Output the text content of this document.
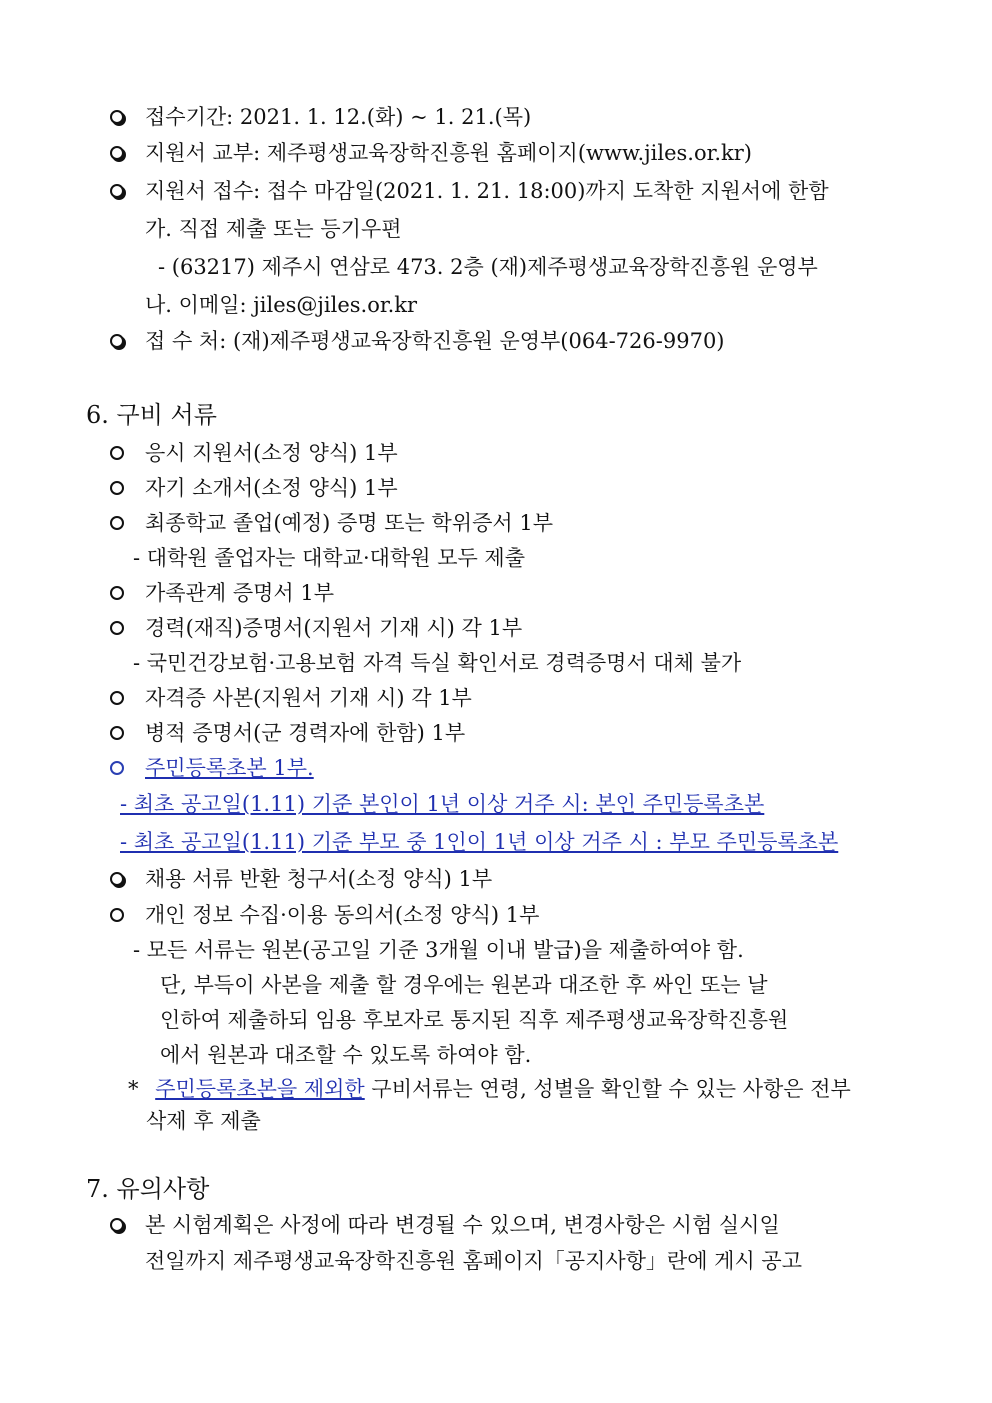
접수기간: 2021. 1. 12.(화) ~ 1. 21.(목)
지원서 교부: 제주평생교육장학진흥원 홈페이지(www.jiles.or.kr)
지원서 접수: 접수 마감일(2021. 1. 21. 18:00)까지 도착한 지원서에 한함
가. 직접 제출 또는 등기우편
- (63217) 제주시 연삼로 473. 2층 (재)제주평생교육장학진흥원 운영부
나. 이메일: jiles@jiles.or.kr
접 수 처: (재)제주평생교육장학진흥원 운영부(064-726-9970)
6. 구비 서류
응시 지원서(소정 양식) 1부
자기 소개서(소정 양식) 1부
최종학교 졸업(예정) 증명 또는 학위증서 1부
- 대학원 졸업자는 대학교·대학원 모두 제출
가족관계 증명서 1부
경력(재직)증명서(지원서 기재 시) 각 1부
- 국민건강보험·고용보험 자격 득실 확인서로 경력증명서 대체 불가
자격증 사본(지원서 기재 시) 각 1부
병적 증명서(군 경력자에 한함) 1부
주민등록초본 1부.
- 최초 공고일(1.11) 기준 본인이 1년 이상 거주 시: 본인 주민등록초본
- 최초 공고일(1.11) 기준 부모 중 1인이 1년 이상 거주 시 : 부모 주민등록초본
채용 서류 반환 청구서(소정 양식) 1부
개인 정보 수집·이용 동의서(소정 양식) 1부
- 모든 서류는 원본(공고일 기준 3개월 이내 발급)을 제출하여야 함.
단, 부득이 사본을 제출 할 경우에는 원본과 대조한 후 싸인 또는 날
인하여 제출하되 임용 후보자로 통지된 직후 제주평생교육장학진흥원
에서 원본과 대조할 수 있도록 하여야 함.
* 주민등록초본을 제외한 구비서류는 연령, 성별을 확인할 수 있는 사항은 전부
삭제 후 제출
7. 유의사항
본 시험계획은 사정에 따라 변경될 수 있으며, 변경사항은 시험 실시일
전일까지 제주평생교육장학진흥원 홈페이지「공지사항」란에 게시 공고
